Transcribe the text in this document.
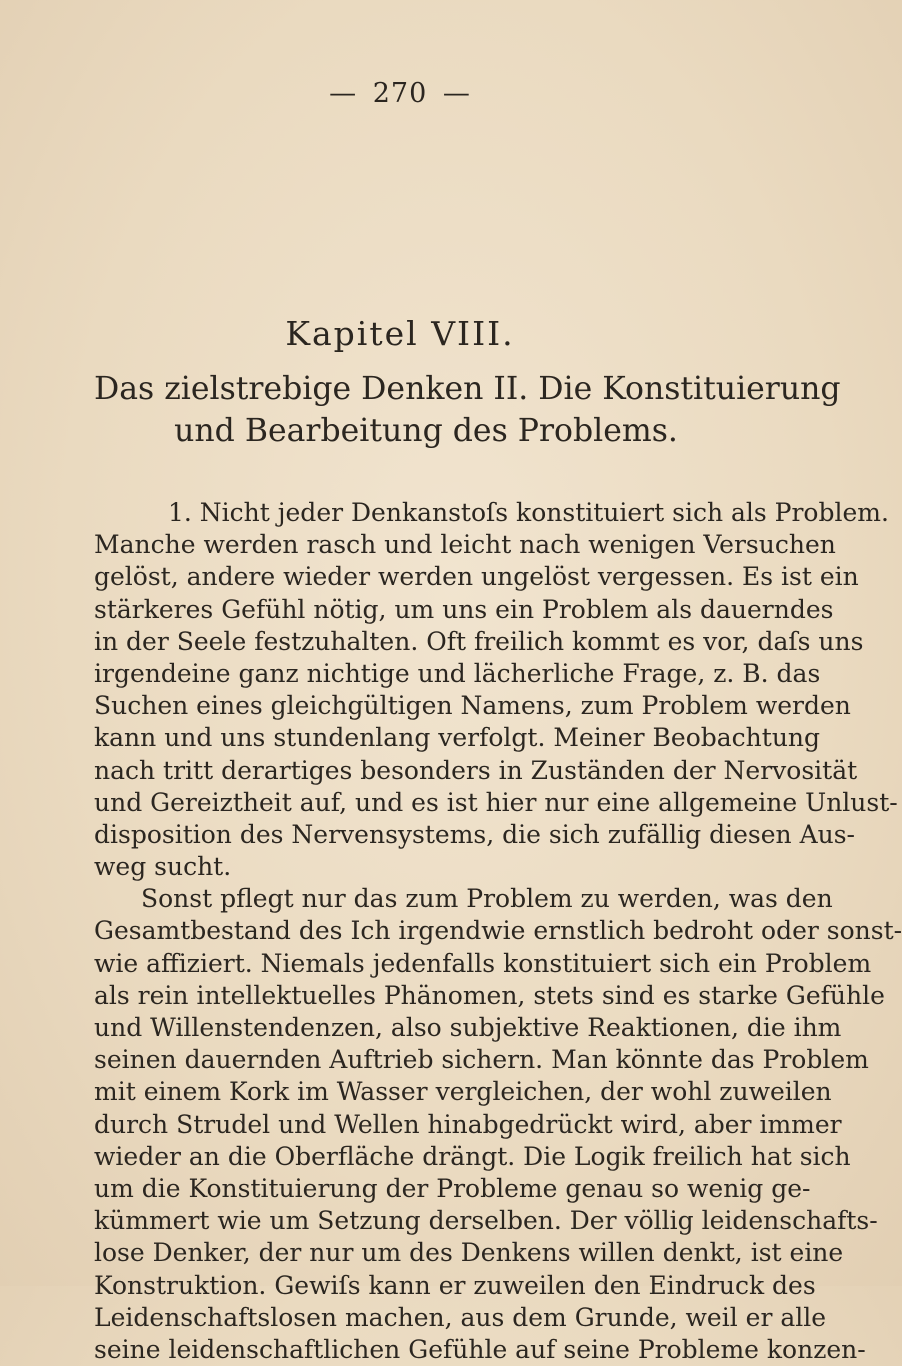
— 270 —
Kapitel VIII.
Das zielstrebige Denken II. Die Konstituierung
und Bearbeitung des Problems.
1. Nicht jeder Denkanstoſs konstituiert sich als Problem.
Manche werden rasch und leicht nach wenigen Versuchen
gelöst, andere wieder werden ungelöst vergessen. Es ist ein
stärkeres Gefühl nötig, um uns ein Problem als dauerndes
in der Seele festzuhalten. Oft freilich kommt es vor, daſs uns
irgendeine ganz nichtige und lächerliche Frage, z. B. das
Suchen eines gleichgültigen Namens, zum Problem werden
kann und uns stundenlang verfolgt. Meiner Beobachtung
nach tritt derartiges besonders in Zuständen der Nervosität
und Gereiztheit auf, und es ist hier nur eine allgemeine Unlust-
disposition des Nervensystems, die sich zufällig diesen Aus-
weg sucht.
Sonst pflegt nur das zum Problem zu werden, was den
Gesamtbestand des Ich irgendwie ernstlich bedroht oder sonst-
wie affiziert. Niemals jedenfalls konstituiert sich ein Problem
als rein intellektuelles Phänomen, stets sind es starke Gefühle
und Willenstendenzen, also subjektive Reaktionen, die ihm
seinen dauernden Auftrieb sichern. Man könnte das Problem
mit einem Kork im Wasser vergleichen, der wohl zuweilen
durch Strudel und Wellen hinabgedrückt wird, aber immer
wieder an die Oberfläche drängt. Die Logik freilich hat sich
um die Konstituierung der Probleme genau so wenig ge-
kümmert wie um Setzung derselben. Der völlig leidenschafts-
lose Denker, der nur um des Denkens willen denkt, ist eine
Konstruktion. Gewiſs kann er zuweilen den Eindruck des
Leidenschaftslosen machen, aus dem Grunde, weil er alle
seine leidenschaftlichen Gefühle auf seine Probleme konzen-
